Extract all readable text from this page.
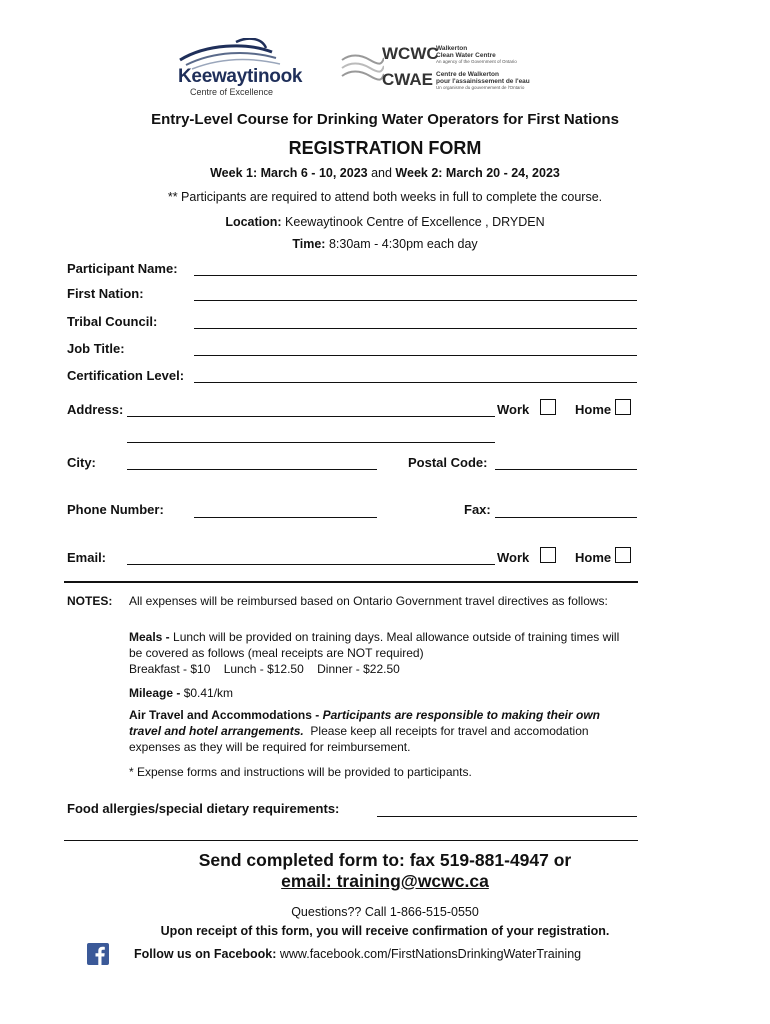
Keewaytinook
Centre of Excellence
WCWC
Walkerton
Clean Water Centre
An agency of the Government of Ontario
CWAE Centre de Walkerton
pour l'assainissement de l'eau
Un organisme du gouvernement de l'Ontario
Entry-Level Course for Drinking Water Operators for First Nations
REGISTRATION FORM
Week 1: March 6 - 10, 2023 and Week 2: March 20 - 24, 2023
** Participants are required to attend both weeks in full to complete the course.
Location: Keewaytinook Centre of Excellence , DRYDEN
Time: 8:30am - 4:30pm each day
Participant Name:
First Nation:
Tribal Council:
Job Title:
Certification Level:
Address:	Work	Home
City:	Postal Code:
Phone Number:	Fax:
Email:	Work	Home
NOTES: All expenses will be reimbursed based on Ontario Government travel directives as follows:
Meals - Lunch will be provided on training days. Meal allowance outside of training times will be covered as follows (meal receipts are NOT required)
Breakfast - $10    Lunch - $12.50    Dinner - $22.50
Mileage - $0.41/km
Air Travel and Accommodations - Participants are responsible to making their own travel and hotel arrangements.  Please keep all receipts for travel and accomodation expenses as they will be required for reimbursement.
* Expense forms and instructions will be provided to participants.
Food allergies/special dietary requirements:
Send completed form to: fax 519-881-4947 or
email: training@wcwc.ca
Questions?? Call 1-866-515-0550
Upon receipt of this form, you will receive confirmation of your registration.
Follow us on Facebook: www.facebook.com/FirstNationsDrinkingWaterTraining
